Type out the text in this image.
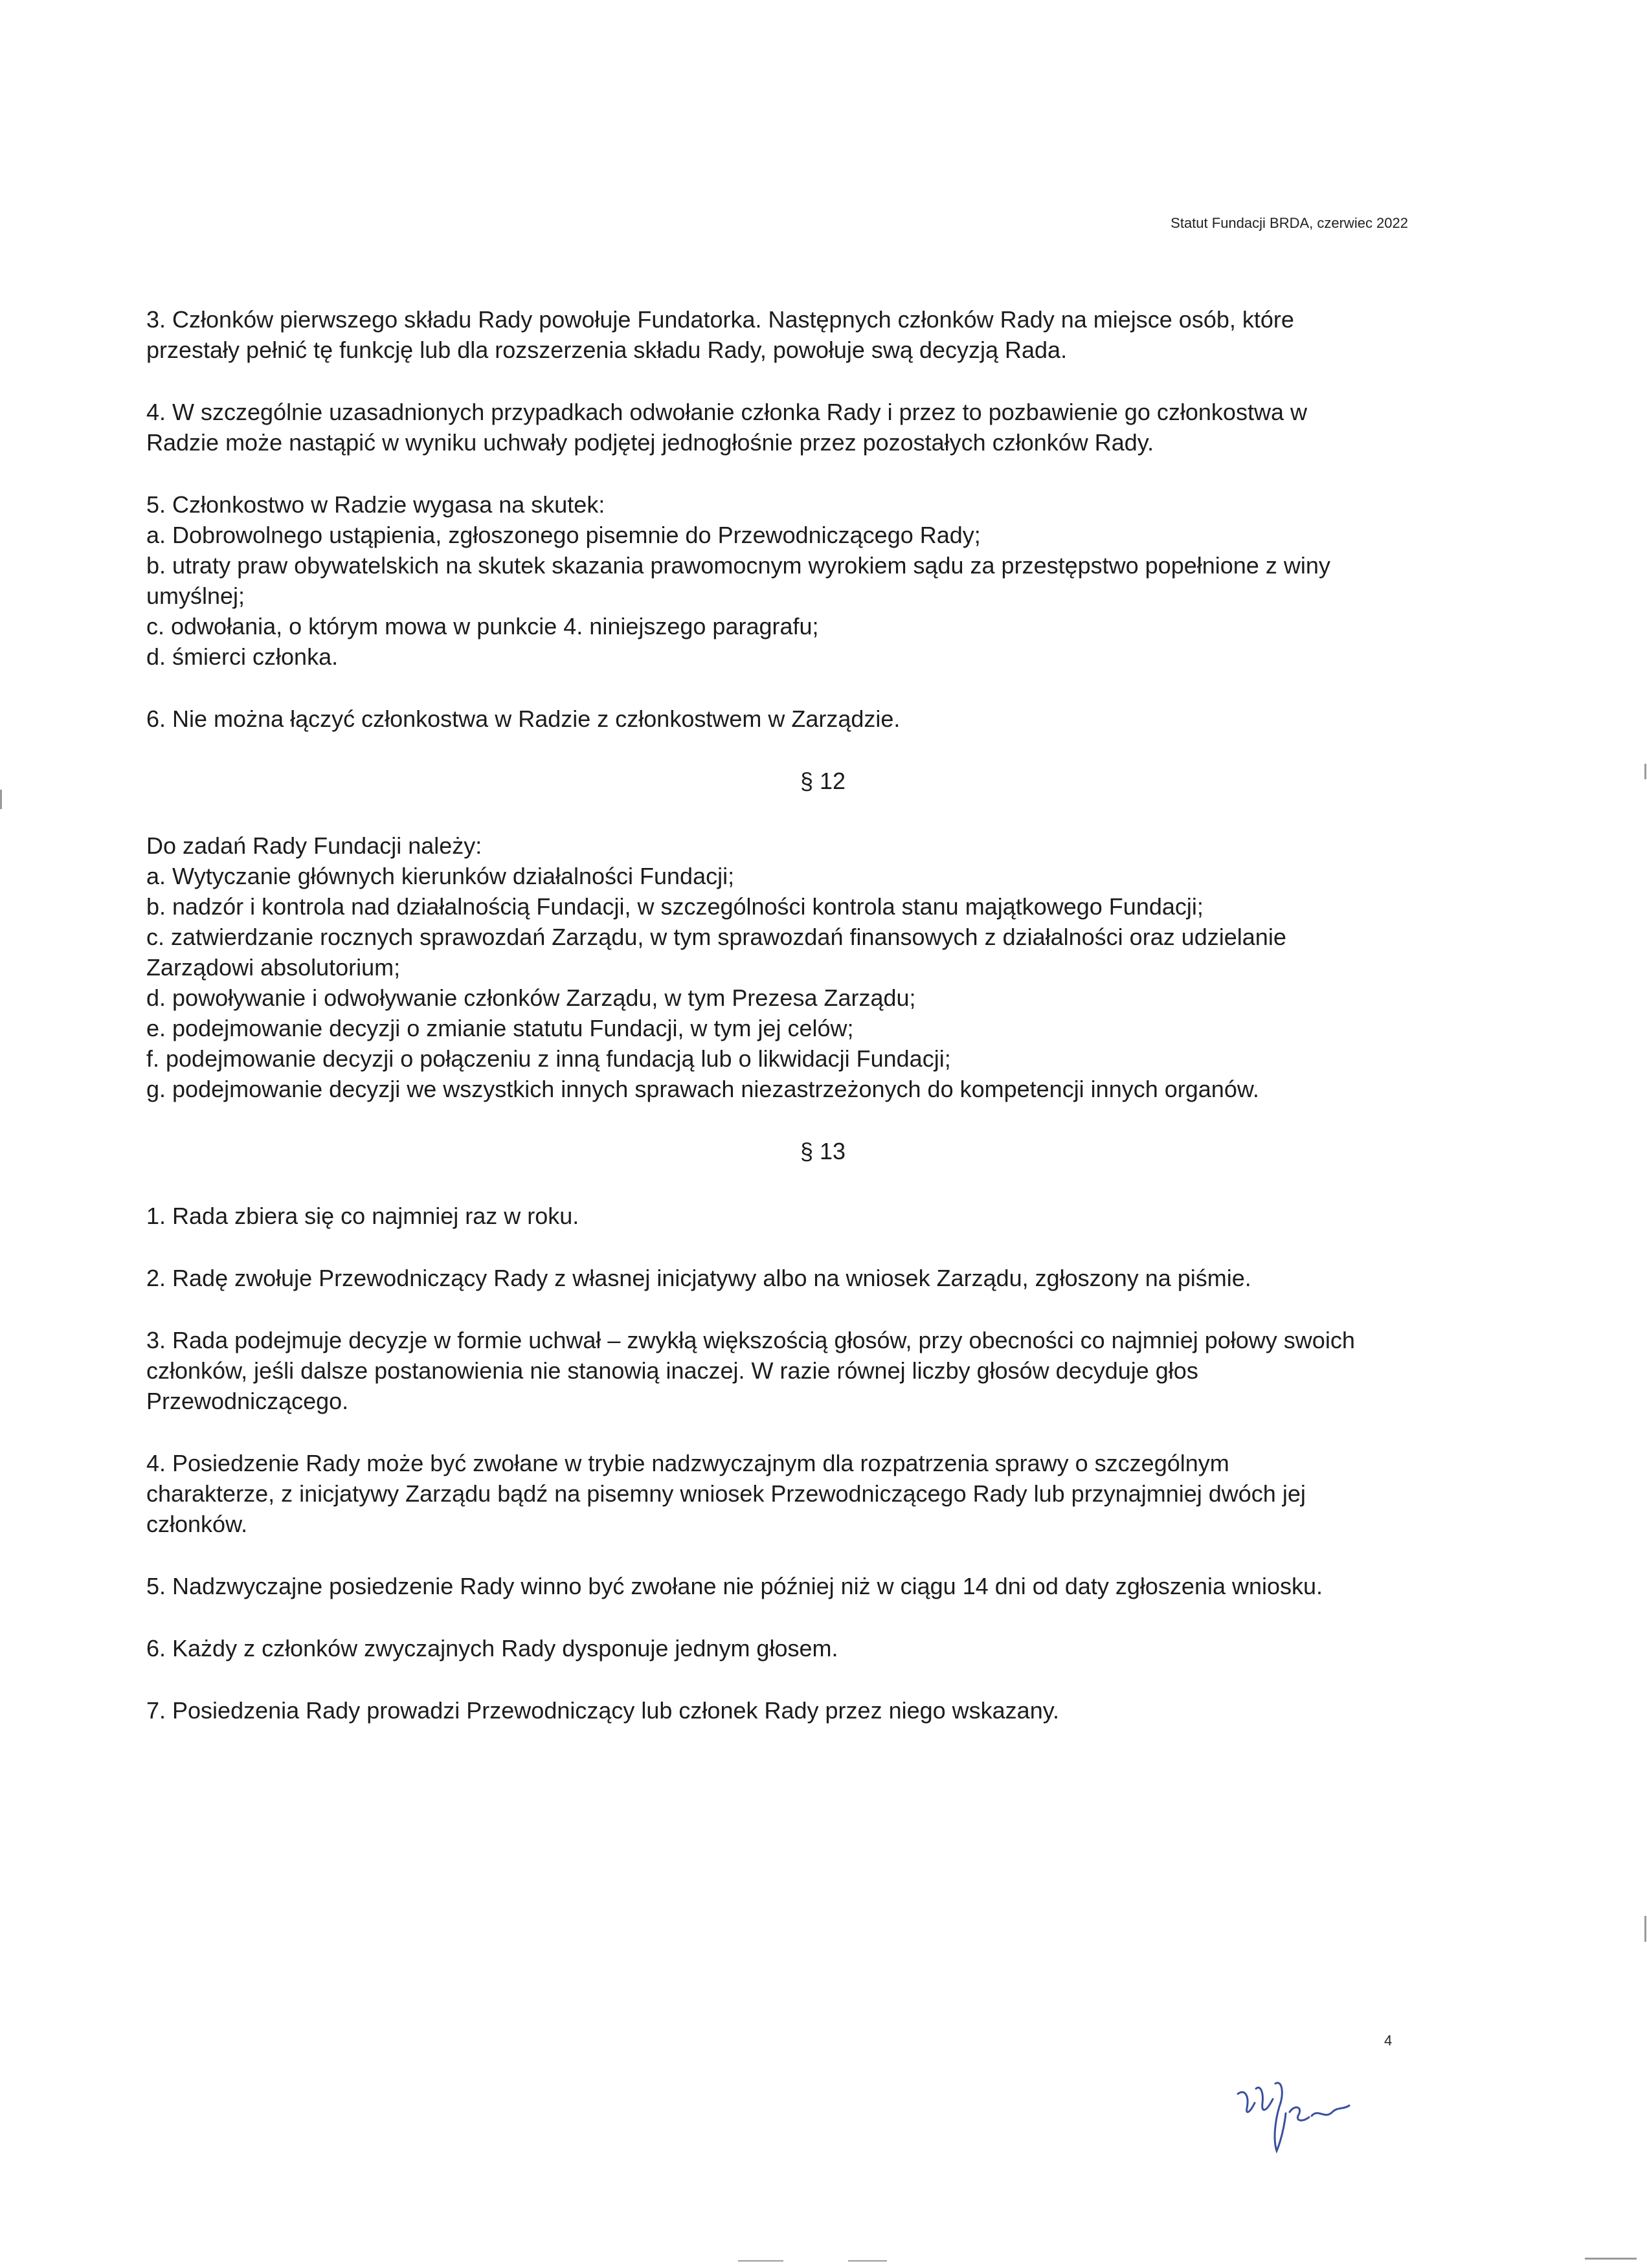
Statut Fundacji BRDA, czerwiec 2022
3. Członków pierwszego składu Rady powołuje Fundatorka. Następnych członków Rady na miejsce osób, które
przestały pełnić tę funkcję lub dla rozszerzenia składu Rady, powołuje swą decyzją Rada.
4. W szczególnie uzasadnionych przypadkach odwołanie członka Rady i przez to pozbawienie go członkostwa w
Radzie może nastąpić w wyniku uchwały podjętej jednogłośnie przez pozostałych członków Rady.
5. Członkostwo w Radzie wygasa na skutek:
a. Dobrowolnego ustąpienia, zgłoszonego pisemnie do Przewodniczącego Rady;
b. utraty praw obywatelskich na skutek skazania prawomocnym wyrokiem sądu za przestępstwo popełnione z winy
umyślnej;
c. odwołania, o którym mowa w punkcie 4. niniejszego paragrafu;
d. śmierci członka.
6. Nie można łączyć członkostwa w Radzie z członkostwem w Zarządzie.
§ 12
Do zadań Rady Fundacji należy:
a. Wytyczanie głównych kierunków działalności Fundacji;
b. nadzór i kontrola nad działalnością Fundacji, w szczególności kontrola stanu majątkowego Fundacji;
c. zatwierdzanie rocznych sprawozdań Zarządu, w tym sprawozdań finansowych z działalności oraz udzielanie
Zarządowi absolutorium;
d. powoływanie i odwoływanie członków Zarządu, w tym Prezesa Zarządu;
e. podejmowanie decyzji o zmianie statutu Fundacji, w tym jej celów;
f. podejmowanie decyzji o połączeniu z inną fundacją lub o likwidacji Fundacji;
g. podejmowanie decyzji we wszystkich innych sprawach niezastrzeżonych do kompetencji innych organów.
§ 13
1. Rada zbiera się co najmniej raz w roku.
2. Radę zwołuje Przewodniczący Rady z własnej inicjatywy albo na wniosek Zarządu, zgłoszony na piśmie.
3. Rada podejmuje decyzje w formie uchwał – zwykłą większością głosów, przy obecności co najmniej połowy swoich
członków, jeśli dalsze postanowienia nie stanowią inaczej. W razie równej liczby głosów decyduje głos
Przewodniczącego.
4. Posiedzenie Rady może być zwołane w trybie nadzwyczajnym dla rozpatrzenia sprawy o szczególnym
charakterze, z inicjatywy Zarządu bądź na pisemny wniosek Przewodniczącego Rady lub przynajmniej dwóch jej
członków.
5. Nadzwyczajne posiedzenie Rady winno być zwołane nie później niż w ciągu 14 dni od daty zgłoszenia wniosku.
6. Każdy z członków zwyczajnych Rady dysponuje jednym głosem.
7. Posiedzenia Rady prowadzi Przewodniczący lub członek Rady przez niego wskazany.
4
